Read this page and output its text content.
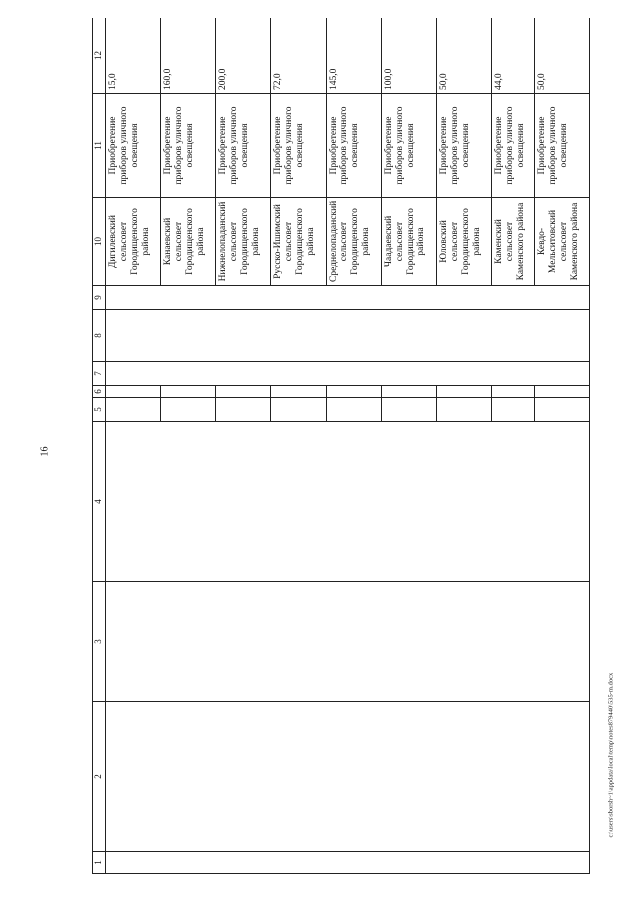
16
1	2	3	4	5	6	7	8	9	10	11	12
									Дигилевский сельсовет Городищенского района	Приобретение приборов уличного освещения	15,0
									Канаевский сельсовет Городищенского района	Приобретение приборов уличного освещения	160,0
									Нижнелопаданский сельсовет Городищенского района	Приобретение приборов уличного освещения	200,0
									Русско-Ишимский сельсовет Городищенского района	Приобретение приборов уличного освещения	72,0
									Среднелопаданский сельсовет Городищенского района	Приобретение приборов уличного освещения	145,0
									Чаадаевский сельсовет Городищенского района	Приобретение приборов уличного освещения	100,0
									Юловский сельсовет Городищенского района	Приобретение приборов уличного освещения	50,0
									Каменский сельсовет Каменского района	Приобретение приборов уличного освещения	44,0
									Кевдо-Мельситовский сельсовет Каменского района	Приобретение приборов уличного освещения	50,0
c:\users\sborsh~1\appdata\local\temp\notes879440\535-m.docx
